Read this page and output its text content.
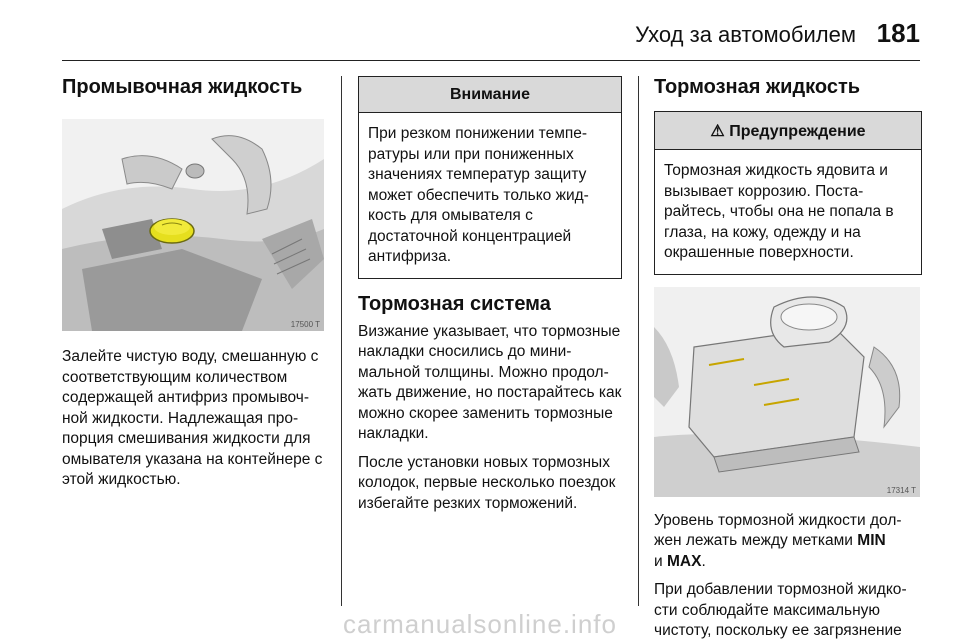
Уход за автомобилем 181
Промывочная жидкость
17500 T

Залейте чистую воду, смешанную с соответствующим количеством содержащей антифриз промывочной жидкости. Надлежащая пропорция смешивания жидкости для омывателя указана на контейнере с этой жидкостью.

Внимание

При резком понижении температуры или при пониженных значениях температур защиту может обеспечить только жидкость для омывателя с достаточной концентрацией антифриза.

Тормозная система

Визжание указывает, что тормозные накладки сносились до минимальной толщины. Можно продолжать движение, но постарайтесь как можно скорее заменить тормозные накладки.

После установки новых тормозных колодок, первые несколько поездок избегайте резких торможений.

Тормозная жидкость
⚠ Предупреждение

Тормозная жидкость ядовита и вызывает коррозию. Постарайтесь, чтобы она не попала в глаза, на кожу, одежду и на окрашенные поверхности.

17314 T

Уровень тормозной жидкости должен лежать между метками MIN
и MAX.

При добавлении тормозной жидкости соблюдайте максимальную чистоту, поскольку ее загрязнение

carmanualsonline.info
